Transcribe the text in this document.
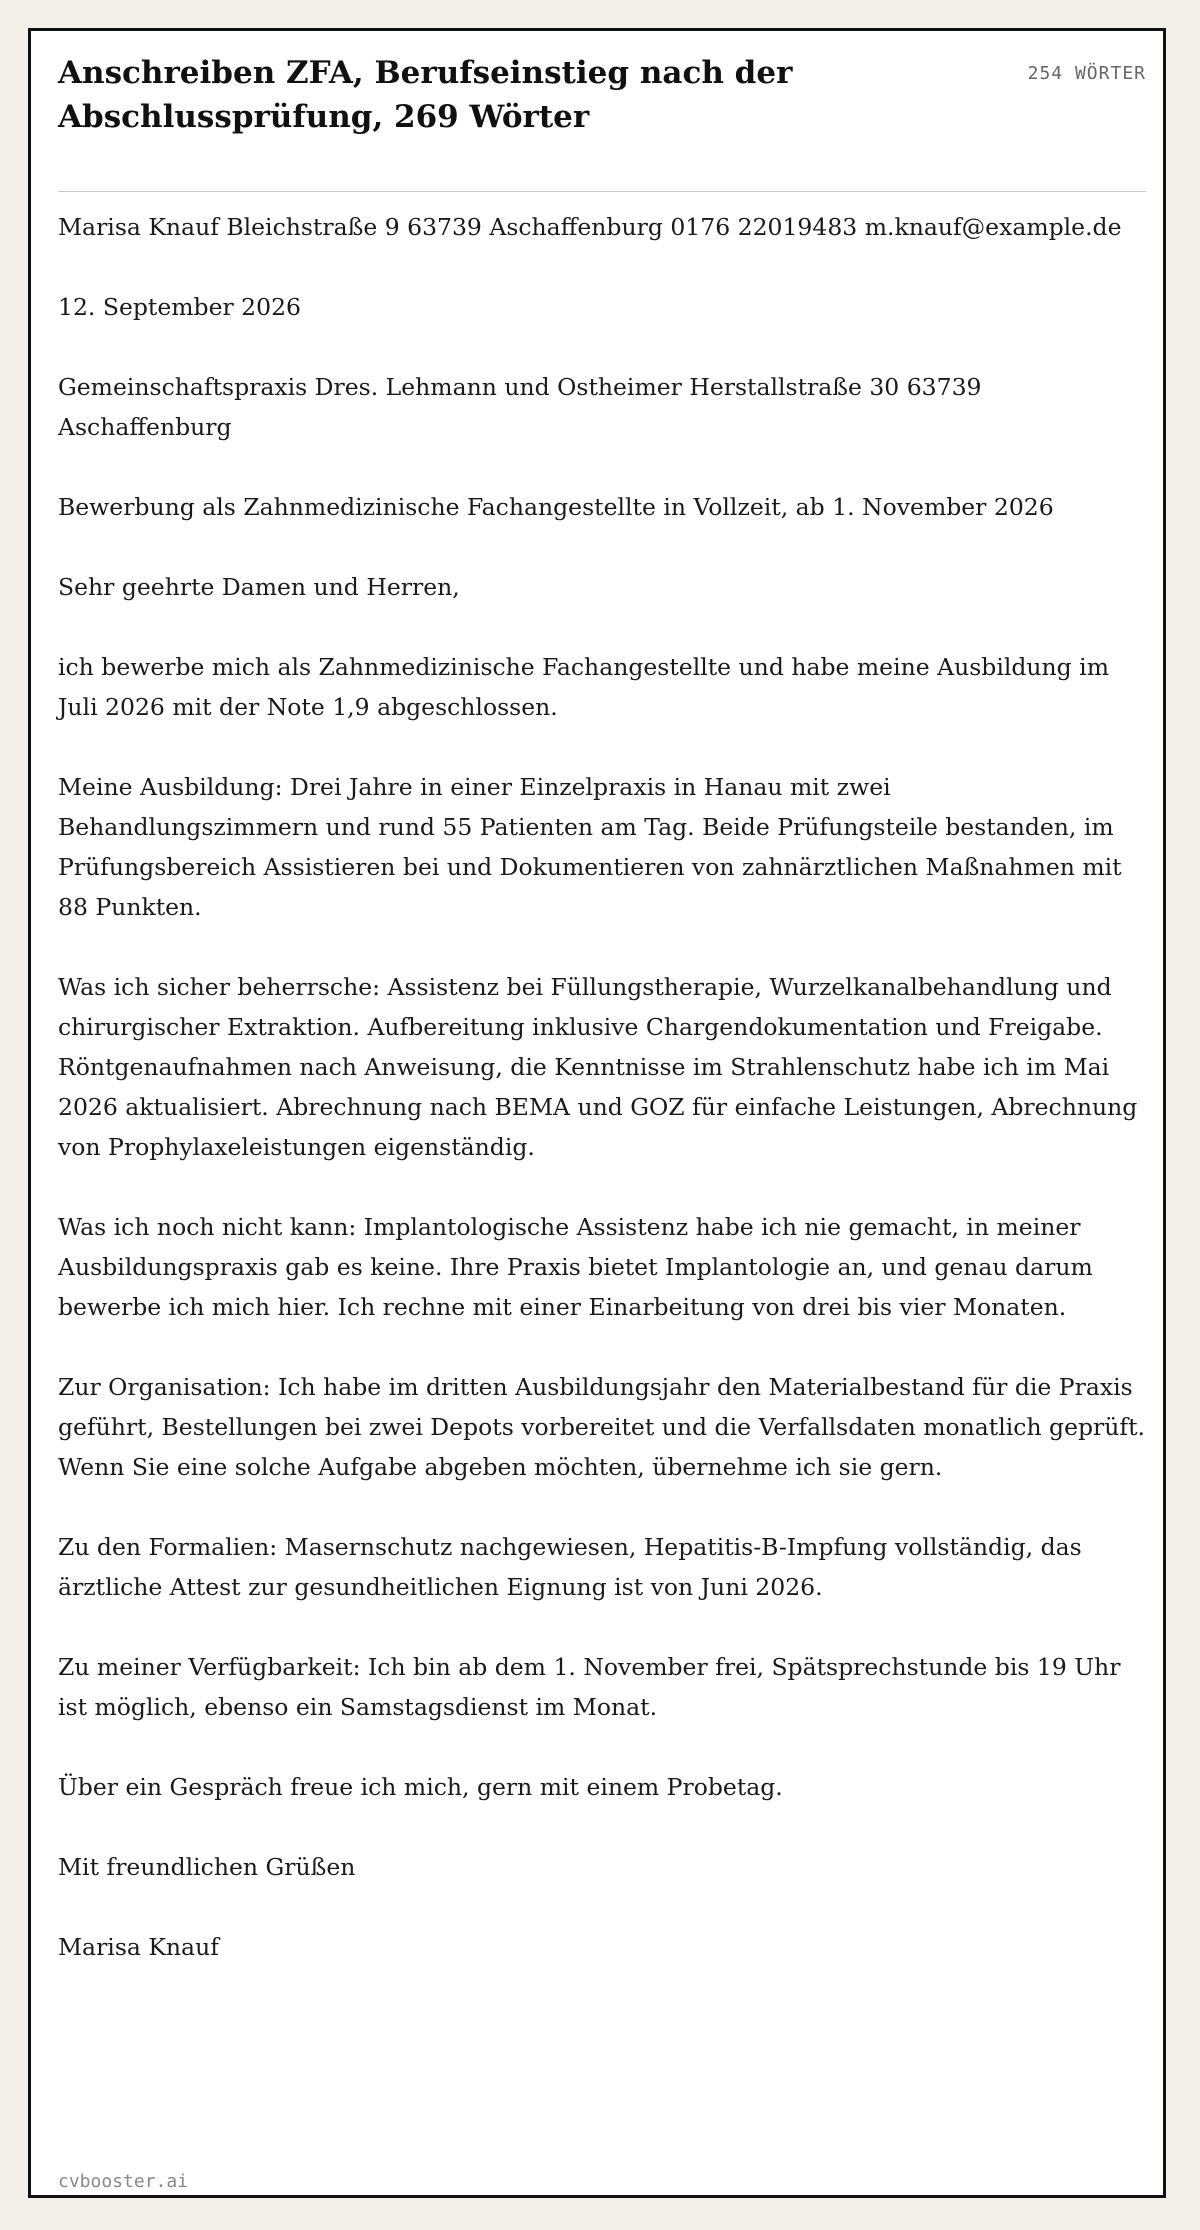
Anschreiben ZFA, Berufseinstieg nach der Abschlussprüfung, 269 Wörter
254 WÖRTER

Marisa Knauf Bleichstraße 9 63739 Aschaffenburg 0176 22019483 m.knauf@example.de

12. September 2026

Gemeinschaftspraxis Dres. Lehmann und Ostheimer Herstallstraße 30 63739 Aschaffenburg

Bewerbung als Zahnmedizinische Fachangestellte in Vollzeit, ab 1. November 2026

Sehr geehrte Damen und Herren,

ich bewerbe mich als Zahnmedizinische Fachangestellte und habe meine Ausbildung im Juli 2026 mit der Note 1,9 abgeschlossen.

Meine Ausbildung: Drei Jahre in einer Einzelpraxis in Hanau mit zwei Behandlungszimmern und rund 55 Patienten am Tag. Beide Prüfungsteile bestanden, im Prüfungsbereich Assistieren bei und Dokumentieren von zahnärztlichen Maßnahmen mit 88 Punkten.

Was ich sicher beherrsche: Assistenz bei Füllungstherapie, Wurzelkanalbehandlung und chirurgischer Extraktion. Aufbereitung inklusive Chargendokumentation und Freigabe. Röntgenaufnahmen nach Anweisung, die Kenntnisse im Strahlenschutz habe ich im Mai 2026 aktualisiert. Abrechnung nach BEMA und GOZ für einfache Leistungen, Abrechnung von Prophylaxeleistungen eigenständig.

Was ich noch nicht kann: Implantologische Assistenz habe ich nie gemacht, in meiner Ausbildungspraxis gab es keine. Ihre Praxis bietet Implantologie an, und genau darum bewerbe ich mich hier. Ich rechne mit einer Einarbeitung von drei bis vier Monaten.

Zur Organisation: Ich habe im dritten Ausbildungsjahr den Materialbestand für die Praxis geführt, Bestellungen bei zwei Depots vorbereitet und die Verfallsdaten monatlich geprüft. Wenn Sie eine solche Aufgabe abgeben möchten, übernehme ich sie gern.

Zu den Formalien: Masernschutz nachgewiesen, Hepatitis-B-Impfung vollständig, das ärztliche Attest zur gesundheitlichen Eignung ist von Juni 2026.

Zu meiner Verfügbarkeit: Ich bin ab dem 1. November frei, Spätsprechstunde bis 19 Uhr ist möglich, ebenso ein Samstagsdienst im Monat.

Über ein Gespräch freue ich mich, gern mit einem Probetag.

Mit freundlichen Grüßen

Marisa Knauf

cvbooster.ai
